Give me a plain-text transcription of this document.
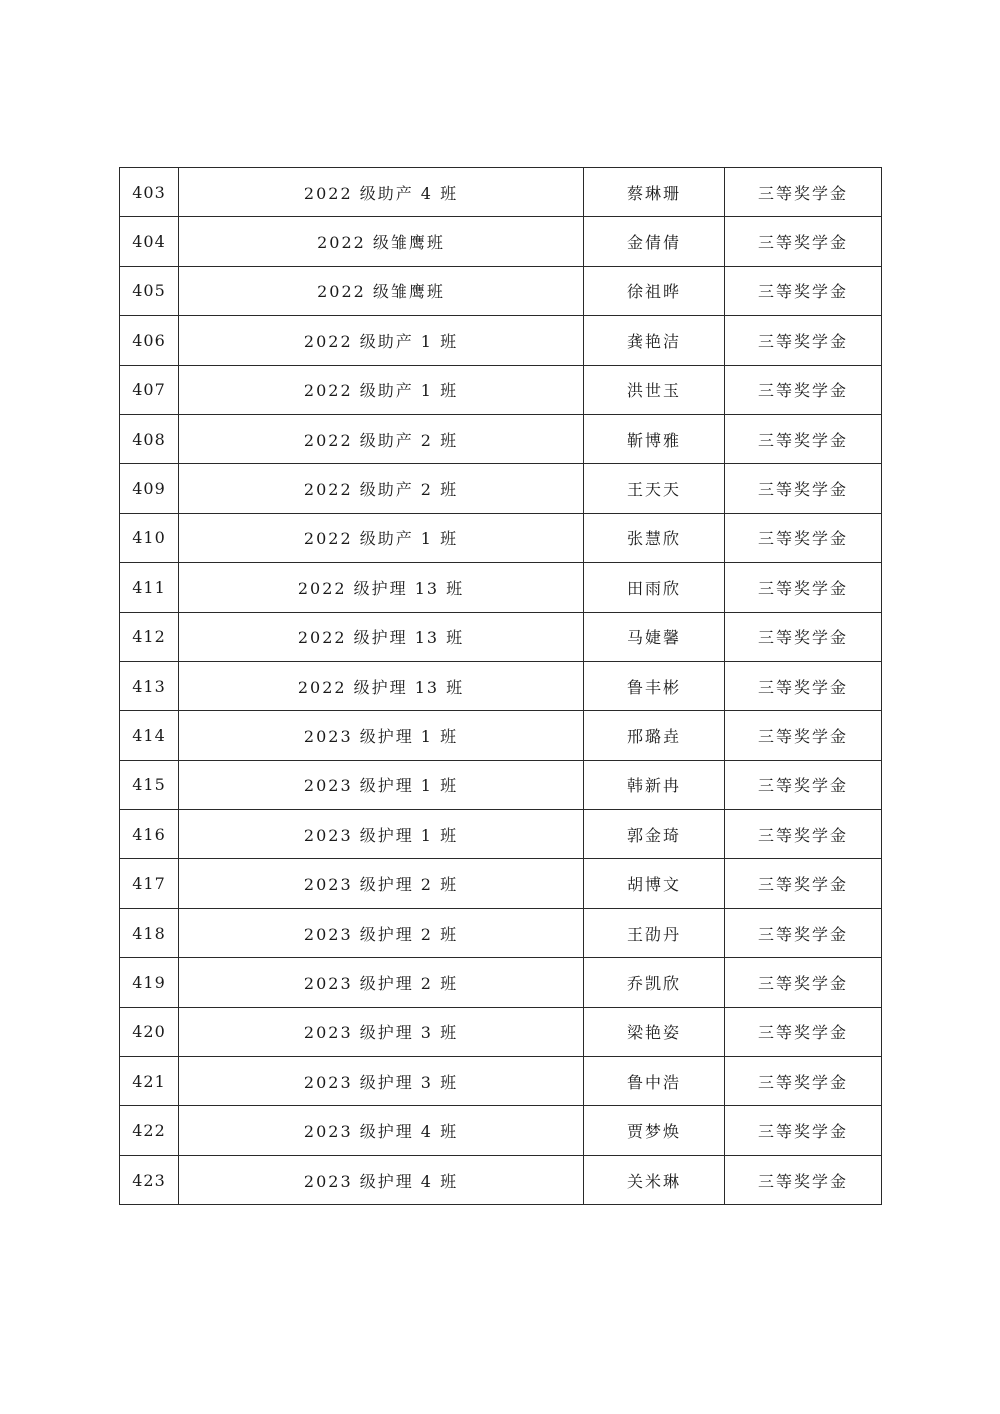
403	2022 级助产 4 班	蔡琳珊	三等奖学金
404	2022 级雏鹰班	金倩倩	三等奖学金
405	2022 级雏鹰班	徐祖晔	三等奖学金
406	2022 级助产 1 班	龚艳洁	三等奖学金
407	2022 级助产 1 班	洪世玉	三等奖学金
408	2022 级助产 2 班	靳博雅	三等奖学金
409	2022 级助产 2 班	王天天	三等奖学金
410	2022 级助产 1 班	张慧欣	三等奖学金
411	2022 级护理 13 班	田雨欣	三等奖学金
412	2022 级护理 13 班	马婕馨	三等奖学金
413	2022 级护理 13 班	鲁丰彬	三等奖学金
414	2023 级护理 1 班	邢璐垚	三等奖学金
415	2023 级护理 1 班	韩新冉	三等奖学金
416	2023 级护理 1 班	郭金琦	三等奖学金
417	2023 级护理 2 班	胡博文	三等奖学金
418	2023 级护理 2 班	王劭丹	三等奖学金
419	2023 级护理 2 班	乔凯欣	三等奖学金
420	2023 级护理 3 班	梁艳姿	三等奖学金
421	2023 级护理 3 班	鲁中浩	三等奖学金
422	2023 级护理 4 班	贾梦焕	三等奖学金
423	2023 级护理 4 班	关米琳	三等奖学金
